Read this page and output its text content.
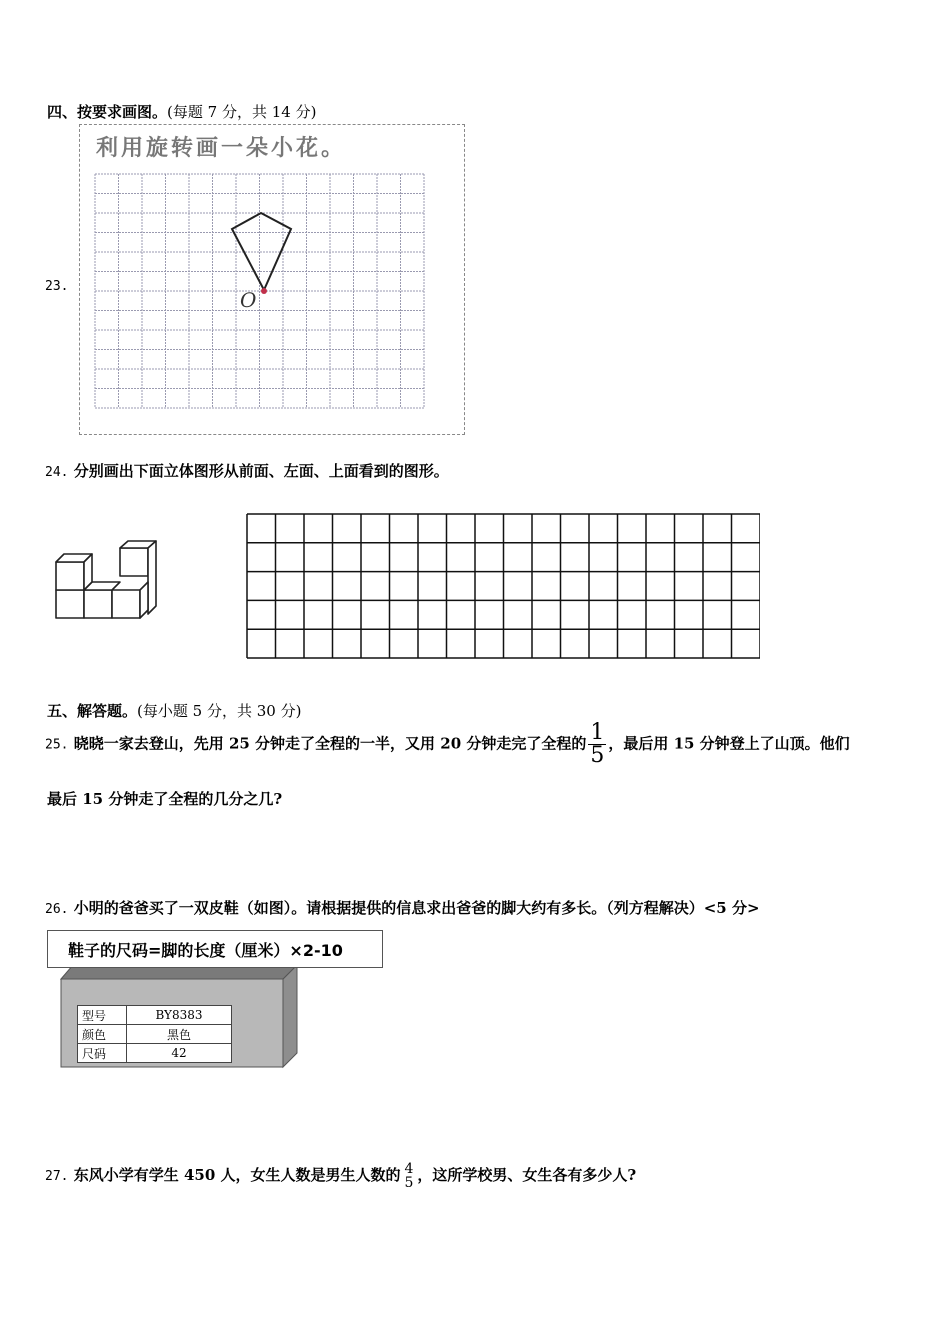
四、按要求画图。(每题 7 分，共 14 分)
23.
利用旋转画一朵小花。
O
24. 分别画出下面立体图形从前面、左面、上面看到的图形。
五、解答题。(每小题 5 分，共 30 分)
25. 晓晓一家去登山，先用 25 分钟走了全程的一半，又用 20 分钟走完了全程的 $\frac{1}{5}$ ，最后用 15 分钟登上了山顶。他们
最后 15 分钟走了全程的几分之几?
26. 小明的爸爸买了一双皮鞋（如图）。请根据提供的信息求出爸爸的脚大约有多长。（列方程解决）<5 分>
鞋子的尺码=脚的长度（厘米）×2-10
型号	BY8383
颜色	黑色
尺码	42
27. 东风小学有学生 450 人，女生人数是男生人数的 4
5 ，这所学校男、女生各有多少人?
